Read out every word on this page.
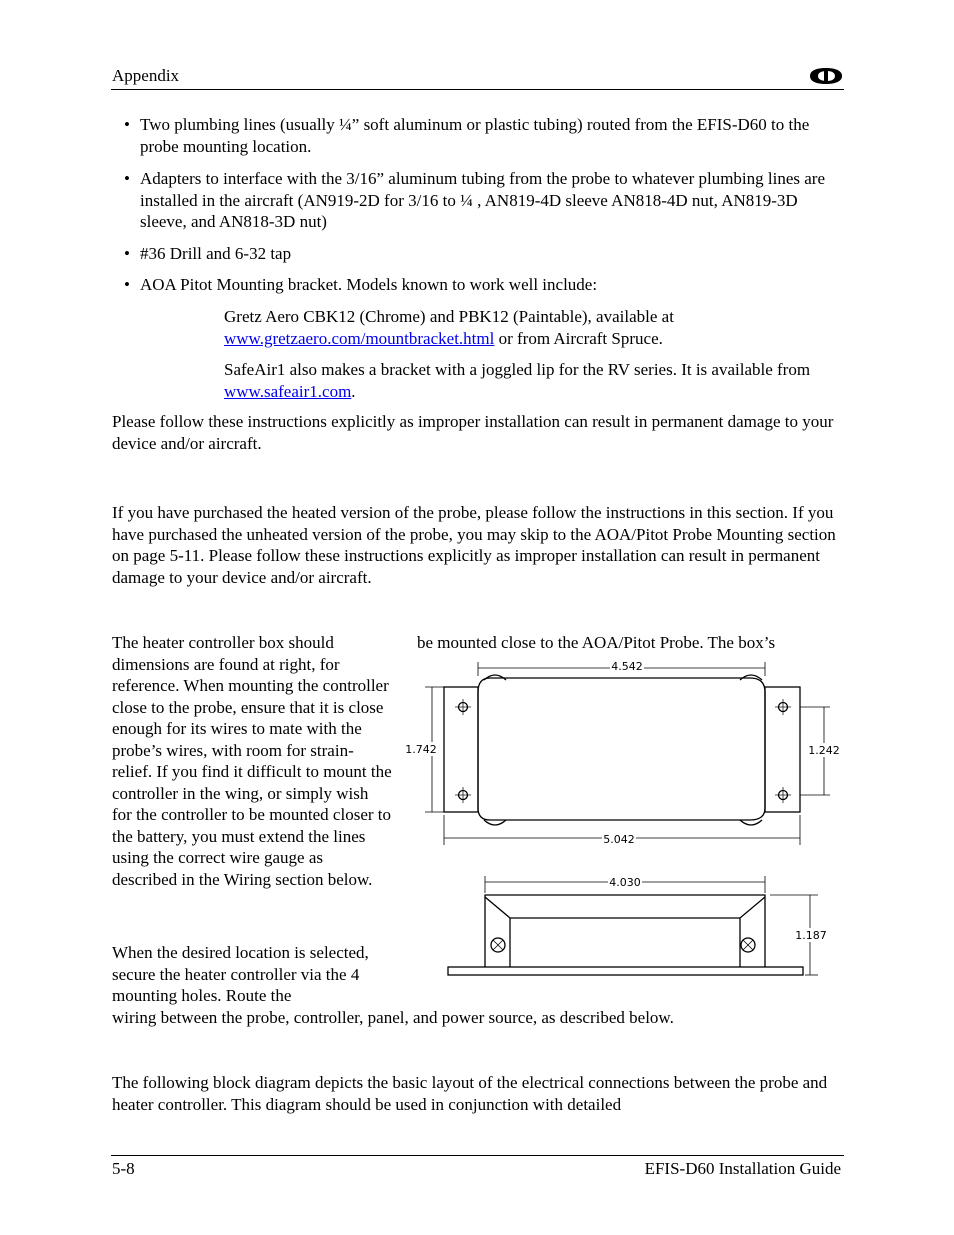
Appendix
• Two plumbing lines (usually ¼” soft aluminum or plastic tubing) routed from the EFIS-D60 to the probe mounting location.
• Adapters to interface with the 3/16” aluminum tubing from the probe to whatever plumbing lines are installed in the aircraft (AN919-2D for 3/16 to ¼ , AN819-4D sleeve AN818-4D nut, AN819-3D sleeve, and AN818-3D nut)
• #36 Drill and 6-32 tap
• AOA Pitot Mounting bracket. Models known to work well include:
Gretz Aero CBK12 (Chrome) and PBK12 (Paintable), available at
www.gretzaero.com/mountbracket.html or from Aircraft Spruce.
SafeAir1 also makes a bracket with a joggled lip for the RV series. It is available from www.safeair1.com.
Please follow these instructions explicitly as improper installation can result in permanent damage to your device and/or aircraft.
If you have purchased the heated version of the probe, please follow the instructions in this section. If you have purchased the unheated version of the probe, you may skip to the AOA/Pitot Probe Mounting section on page 5-11. Please follow these instructions explicitly as improper installation can result in permanent damage to your device and/or aircraft.
The heater controller box should dimensions are found at right, for reference. When mounting the controller close to the probe, ensure that it is close enough for its wires to mate with the probe’s wires, with room for strain-relief. If you find it difficult to mount the controller in the wing, or simply wish for the controller to be mounted closer to the battery, you must extend the lines using the correct wire gauge as described in the Wiring section below.
be mounted close to the AOA/Pitot Probe. The box’s
When the desired location is selected, secure the heater controller via the 4 mounting holes. Route the
wiring between the probe, controller, panel, and power source, as described below.
4.542
5.042
1.742	1.242
4.030
1.187
The following block diagram depicts the basic layout of the electrical connections between the probe and heater controller. This diagram should be used in conjunction with detailed
5-8	EFIS-D60 Installation Guide
